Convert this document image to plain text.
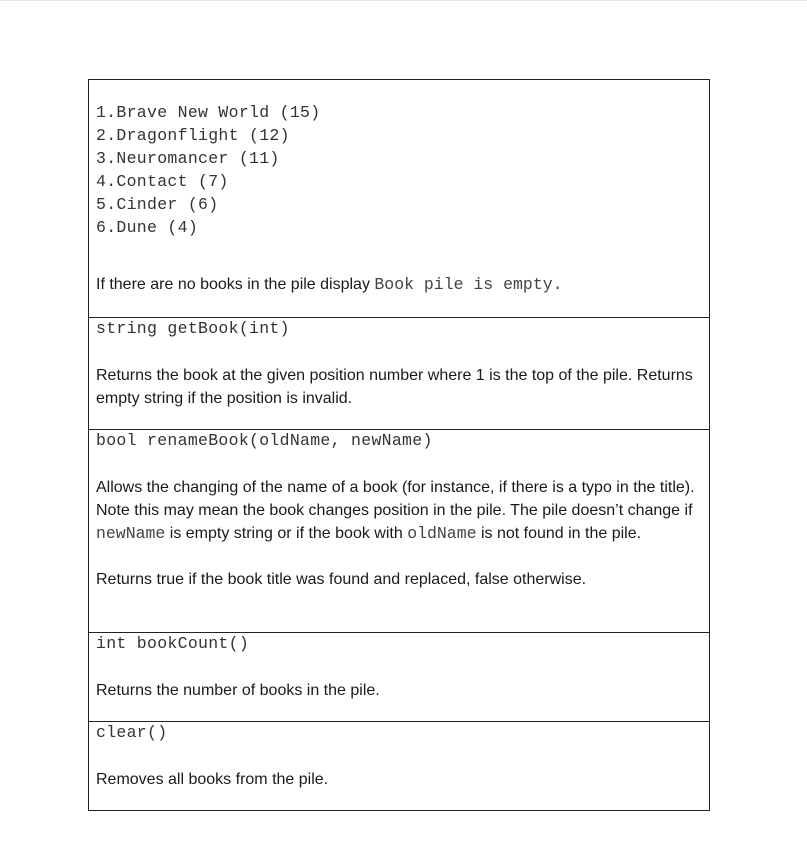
1.Brave New World (15)
2.Dragonflight (12)
3.Neuromancer (11)
4.Contact (7)
5.Cinder (6)
6.Dune (4)

If there are no books in the pile display Book pile is empty.

string getBook(int)

Returns the book at the given position number where 1 is the top of the pile. Returns empty string if the position is invalid.

bool renameBook(oldName, newName)

Allows the changing of the name of a book (for instance, if there is a typo in the title). Note this may mean the book changes position in the pile. The pile doesn’t change if newName is empty string or if the book with oldName is not found in the pile.

Returns true if the book title was found and replaced, false otherwise.

int bookCount()

Returns the number of books in the pile.

clear()

Removes all books from the pile.
